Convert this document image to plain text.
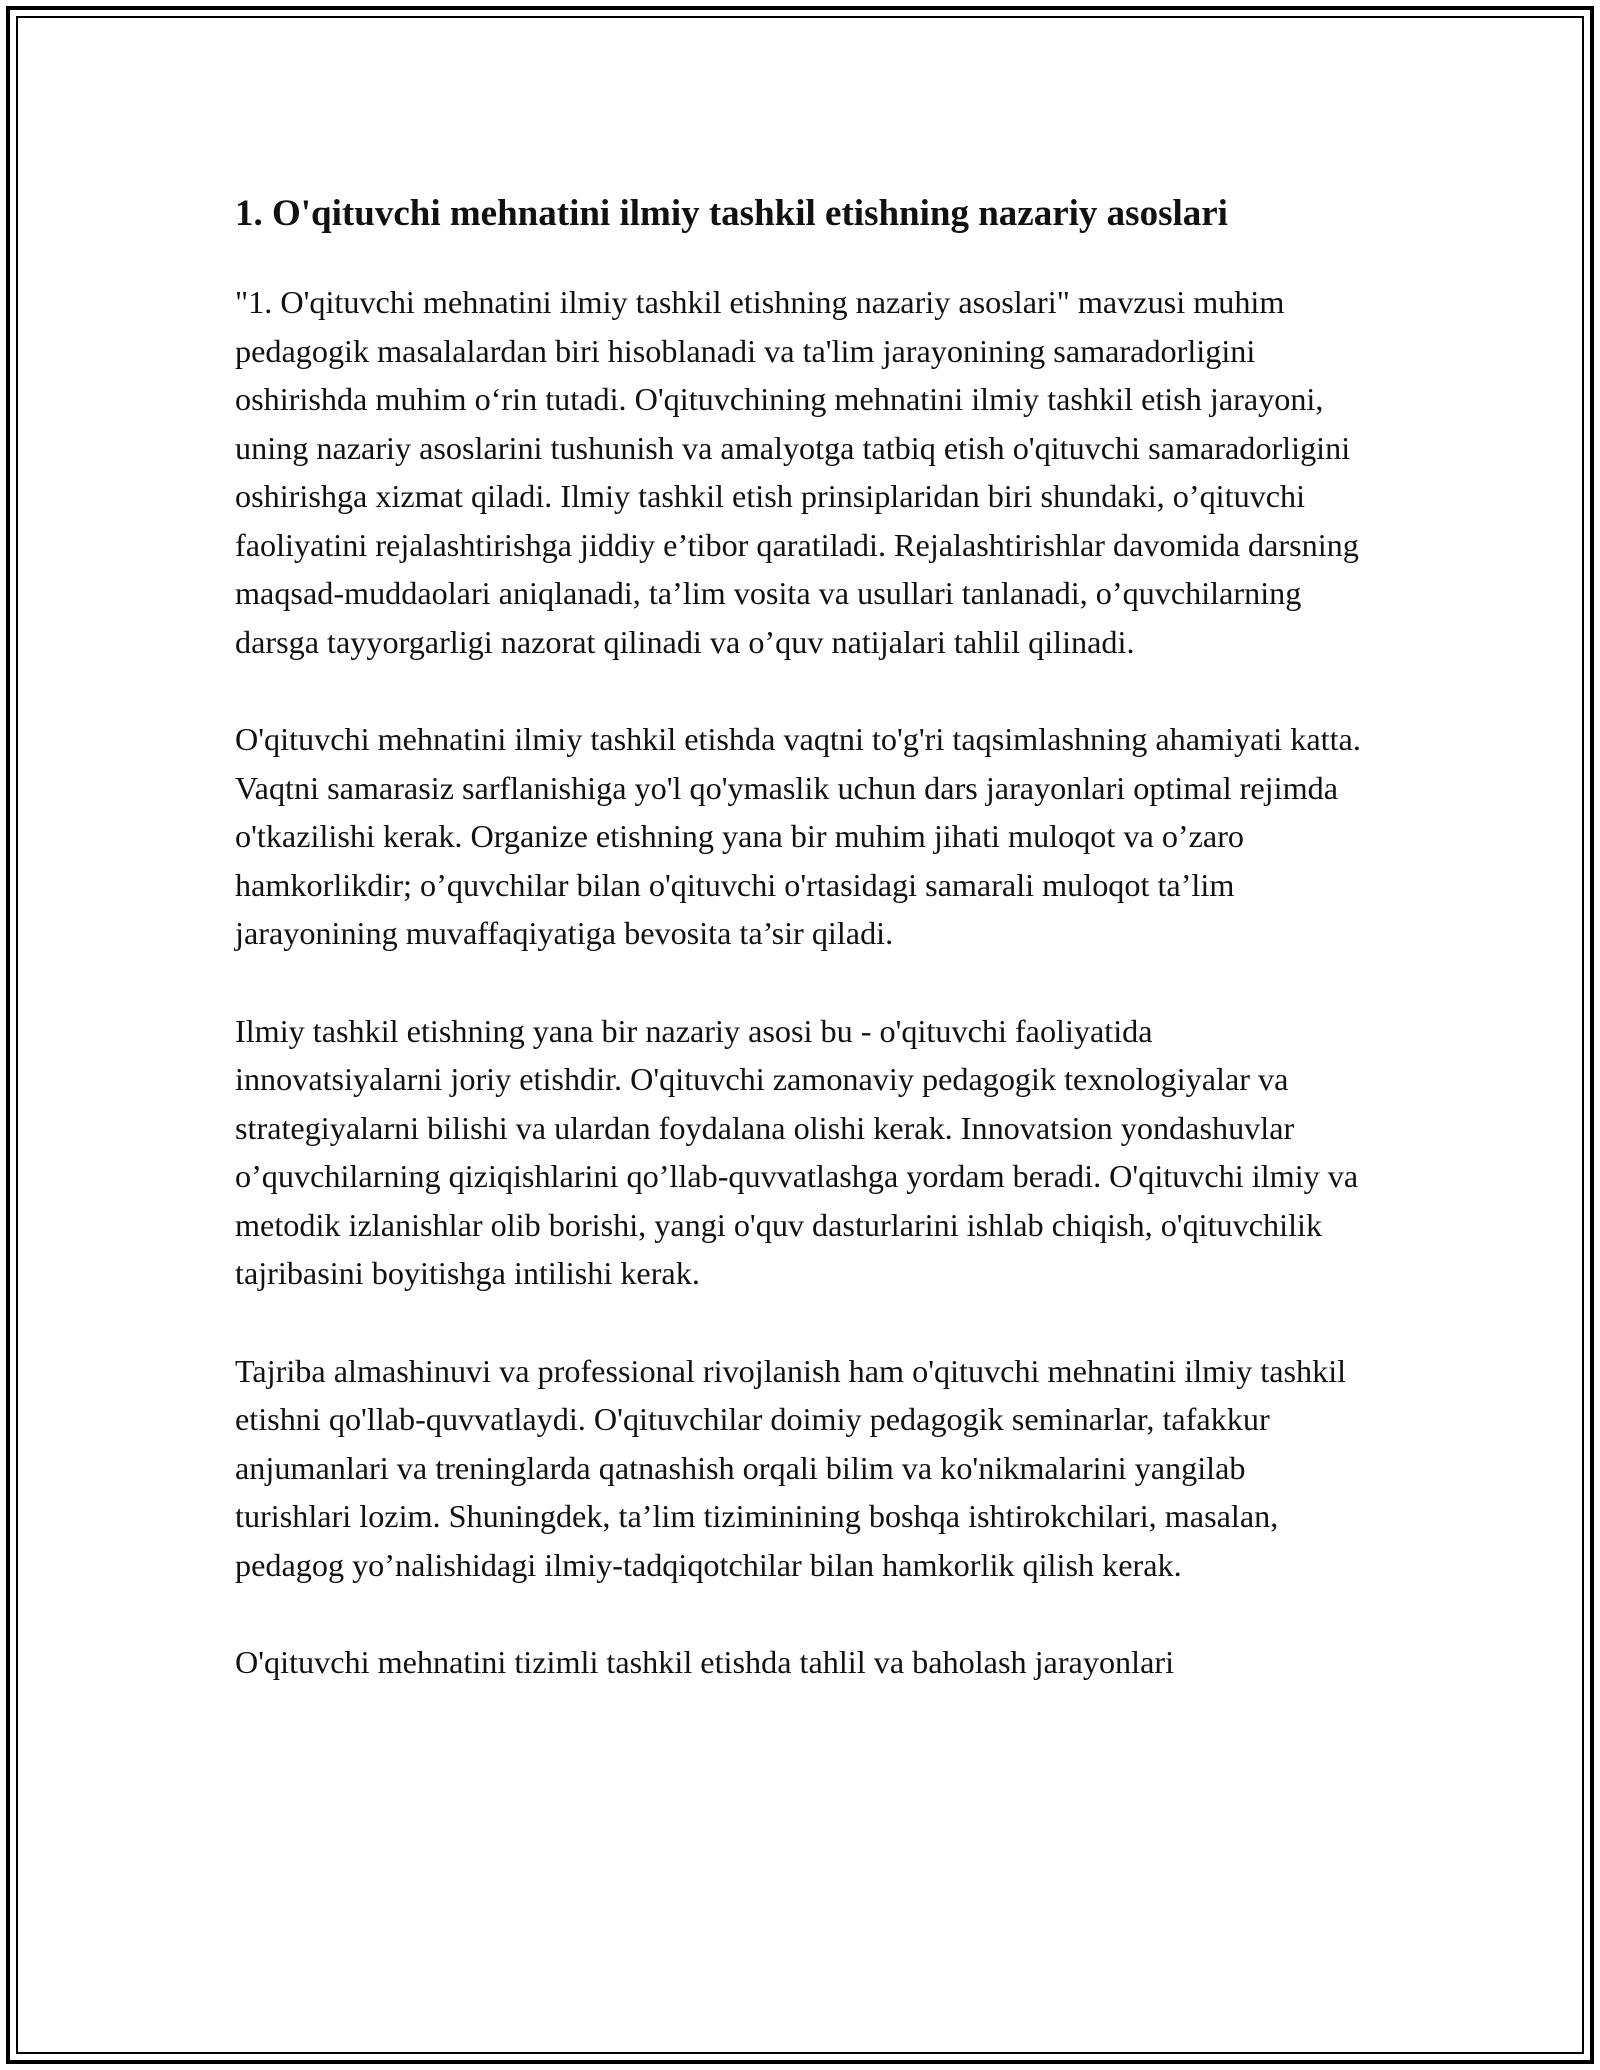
1. O'qituvchi mehnatini ilmiy tashkil etishning nazariy asoslari

"1. O'qituvchi mehnatini ilmiy tashkil etishning nazariy asoslari" mavzusi muhim pedagogik masalalardan biri hisoblanadi va ta'lim jarayonining samaradorligini oshirishda muhim o‘rin tutadi. O'qituvchining mehnatini ilmiy tashkil etish jarayoni, uning nazariy asoslarini tushunish va amalyotga tatbiq etish o'qituvchi samaradorligini oshirishga xizmat qiladi. Ilmiy tashkil etish prinsiplaridan biri shundaki, o’qituvchi faoliyatini rejalashtirishga jiddiy e’tibor qaratiladi. Rejalashtirishlar davomida darsning maqsad-muddaolari aniqlanadi, ta’lim vosita va usullari tanlanadi, o’quvchilarning darsga tayyorgarligi nazorat qilinadi va o’quv natijalari tahlil qilinadi.

O'qituvchi mehnatini ilmiy tashkil etishda vaqtni to'g'ri taqsimlashning ahamiyati katta. Vaqtni samarasiz sarflanishiga yo'l qo'ymaslik uchun dars jarayonlari optimal rejimda o'tkazilishi kerak. Organize etishning yana bir muhim jihati muloqot va o’zaro hamkorlikdir; o’quvchilar bilan o'qituvchi o'rtasidagi samarali muloqot ta’lim jarayonining muvaffaqiyatiga bevosita ta’sir qiladi.

Ilmiy tashkil etishning yana bir nazariy asosi bu - o'qituvchi faoliyatida innovatsiyalarni joriy etishdir. O'qituvchi zamonaviy pedagogik texnologiyalar va strategiyalarni bilishi va ulardan foydalana olishi kerak. Innovatsion yondashuvlar o’quvchilarning qiziqishlarini qo’llab-quvvatlashga yordam beradi. O'qituvchi ilmiy va metodik izlanishlar olib borishi, yangi o'quv dasturlarini ishlab chiqish, o'qituvchilik tajribasini boyitishga intilishi kerak.

Tajriba almashinuvi va professional rivojlanish ham o'qituvchi mehnatini ilmiy tashkil etishni qo'llab-quvvatlaydi. O'qituvchilar doimiy pedagogik seminarlar, tafakkur anjumanlari va treninglarda qatnashish orqali bilim va ko'nikmalarini yangilab turishlari lozim. Shuningdek, ta’lim tiziminining boshqa ishtirokchilari, masalan, pedagog yo’nalishidagi ilmiy-tadqiqotchilar bilan hamkorlik qilish kerak.

O'qituvchi mehnatini tizimli tashkil etishda tahlil va baholash jarayonlari
